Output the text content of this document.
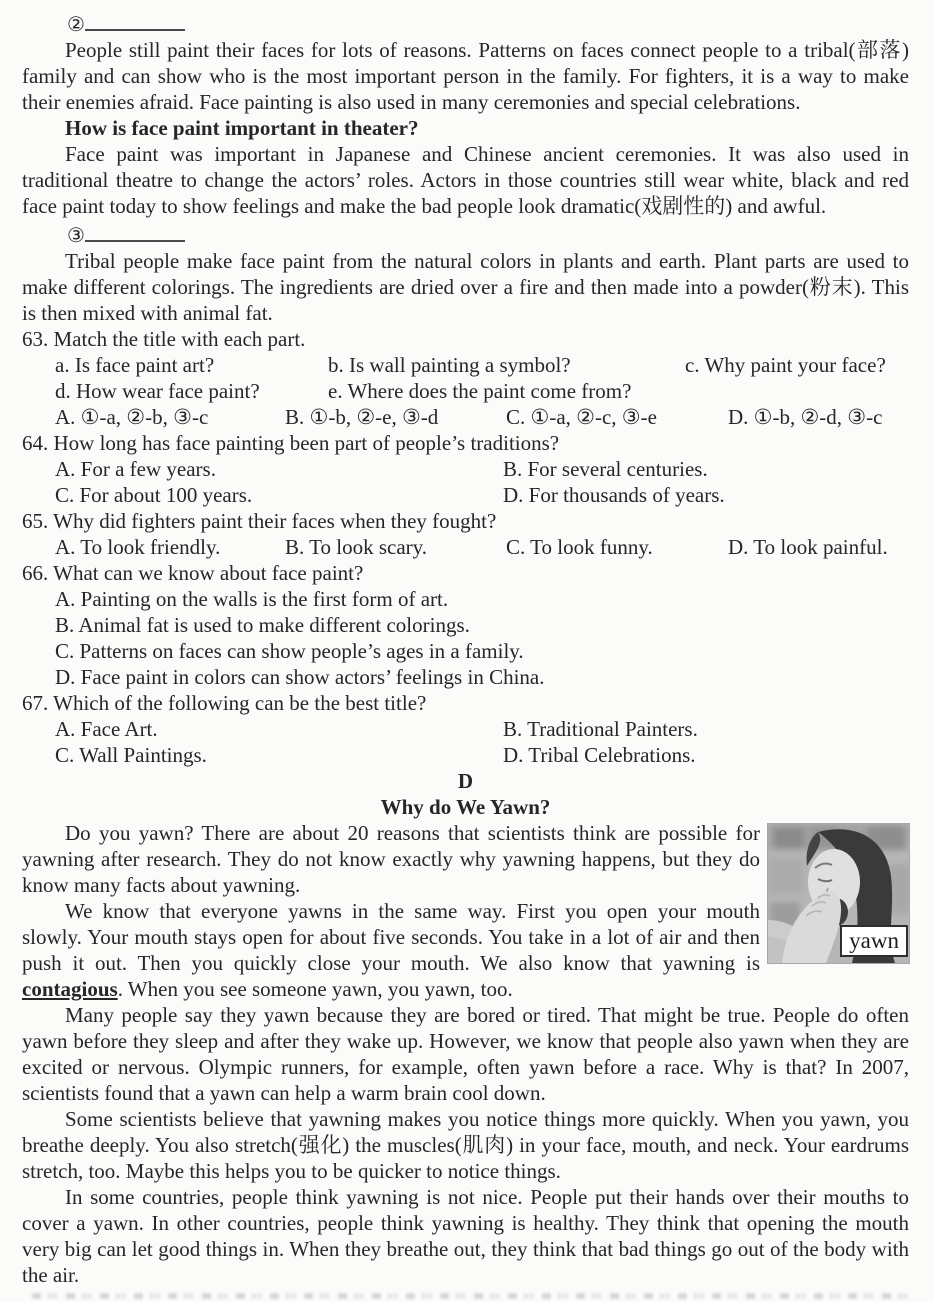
②

People still paint their faces for lots of reasons. Patterns on faces connect people to a tribal(部落) family and can show who is the most important person in the family. For fighters, it is a way to make their enemies afraid. Face painting is also used in many ceremonies and special celebrations.

How is face paint important in theater?

Face paint was important in Japanese and Chinese ancient ceremonies. It was also used in traditional theatre to change the actors’ roles. Actors in those countries still wear white, black and red face paint today to show feelings and make the bad people look dramatic(戏剧性的) and awful.

③

Tribal people make face paint from the natural colors in plants and earth. Plant parts are used to make different colorings. The ingredients are dried over a fire and then made into a powder(粉末). This is then mixed with animal fat.

63. Match the title with each part.

a. Is face paint art?	b. Is wall painting a symbol?	c. Why paint your face?
d. How wear face paint?	e. Where does the paint come from?
A. ①-a, ②-b, ③-c	B. ①-b, ②-e, ③-d	C. ①-a, ②-c, ③-e	D. ①-b, ②-d, ③-c

64. How long has face painting been part of people’s traditions?

A. For a few years.	B. For several centuries.
C. For about 100 years.	D. For thousands of years.

65. Why did fighters paint their faces when they fought?

A. To look friendly.	B. To look scary.	C. To look funny.	D. To look painful.

66. What can we know about face paint?

A. Painting on the walls is the first form of art.

B. Animal fat is used to make different colorings.

C. Patterns on faces can show people’s ages in a family.

D. Face paint in colors can show actors’ feelings in China.

67. Which of the following can be the best title?

A. Face Art.	B. Traditional Painters.
C. Wall Paintings.	D. Tribal Celebrations.

D

Why do We Yawn?

yawn

Do you yawn? There are about 20 reasons that scientists think are possible for yawning after research. They do not know exactly why yawning happens, but they do know many facts about yawning.

We know that everyone yawns in the same way. First you open your mouth slowly. Your mouth stays open for about five seconds. You take in a lot of air and then push it out. Then you quickly close your mouth. We also know that yawning is contagious. When you see someone yawn, you yawn, too.

Many people say they yawn because they are bored or tired. That might be true. People do often yawn before they sleep and after they wake up. However, we know that people also yawn when they are excited or nervous. Olympic runners, for example, often yawn before a race. Why is that? In 2007, scientists found that a yawn can help a warm brain cool down.

Some scientists believe that yawning makes you notice things more quickly. When you yawn, you breathe deeply. You also stretch(强化) the muscles(肌肉) in your face, mouth, and neck. Your eardrums stretch, too. Maybe this helps you to be quicker to notice things.

In some countries, people think yawning is not nice. People put their hands over their mouths to cover a yawn. In other countries, people think yawning is healthy. They think that opening the mouth very big can let good things in. When they breathe out, they think that bad things go out of the body with the air.
